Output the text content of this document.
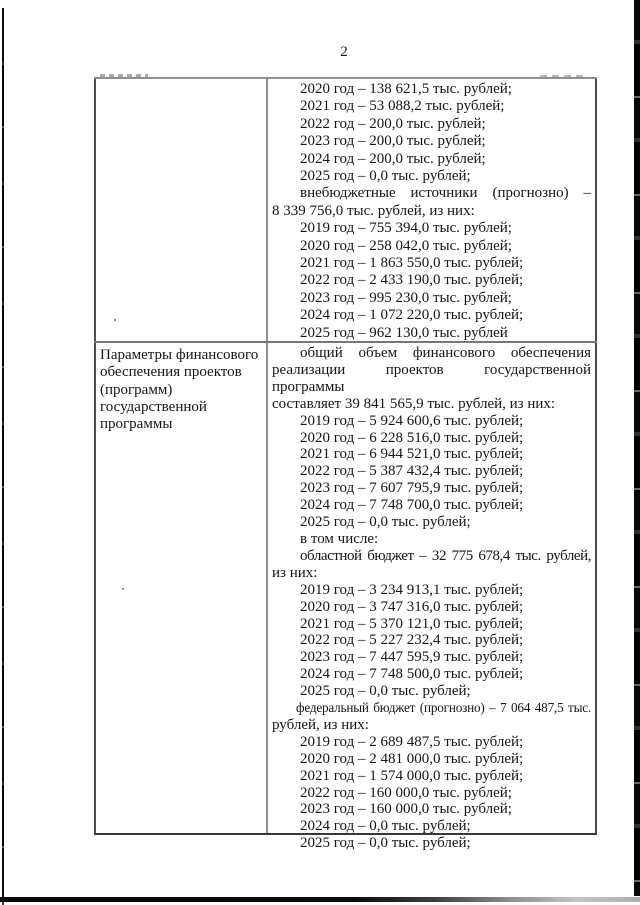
2
2020 год – 138 621,5 тыс. рублей;
2021 год – 53 088,2 тыс. рублей;
2022 год – 200,0 тыс. рублей;
2023 год – 200,0 тыс. рублей;
2024 год – 200,0 тыс. рублей;
2025 год – 0,0 тыс. рублей;
внебюджетные источники (прогнозно) –
8 339 756,0 тыс. рублей, из них:
2019 год – 755 394,0 тыс. рублей;
2020 год – 258 042,0 тыс. рублей;
2021 год – 1 863 550,0 тыс. рублей;
2022 год – 2 433 190,0 тыс. рублей;
2023 год – 995 230,0 тыс. рублей;
2024 год – 1 072 220,0 тыс. рублей;
2025 год – 962 130,0 тыс. рублей
Параметры финансового обеспечения проектов (программ) государственной программы
общий объем финансового обеспечения
реализации проектов государственной программы
составляет 39 841 565,9 тыс. рублей, из них:
2019 год – 5 924 600,6 тыс. рублей;
2020 год – 6 228 516,0 тыс. рублей;
2021 год – 6 944 521,0 тыс. рублей;
2022 год – 5 387 432,4 тыс. рублей;
2023 год – 7 607 795,9 тыс. рублей;
2024 год – 7 748 700,0 тыс. рублей;
2025 год – 0,0 тыс. рублей;
в том числе:
областной бюджет – 32 775 678,4 тыс. рублей,
из них:
2019 год – 3 234 913,1 тыс. рублей;
2020 год – 3 747 316,0 тыс. рублей;
2021 год – 5 370 121,0 тыс. рублей;
2022 год – 5 227 232,4 тыс. рублей;
2023 год – 7 447 595,9 тыс. рублей;
2024 год – 7 748 500,0 тыс. рублей;
2025 год – 0,0 тыс. рублей;
федеральный бюджет (прогнозно) – 7 064 487,5 тыс.
рублей, из них:
2019 год – 2 689 487,5 тыс. рублей;
2020 год – 2 481 000,0 тыс. рублей;
2021 год – 1 574 000,0 тыс. рублей;
2022 год – 160 000,0 тыс. рублей;
2023 год – 160 000,0 тыс. рублей;
2024 год – 0,0 тыс. рублей;
2025 год – 0,0 тыс. рублей;
